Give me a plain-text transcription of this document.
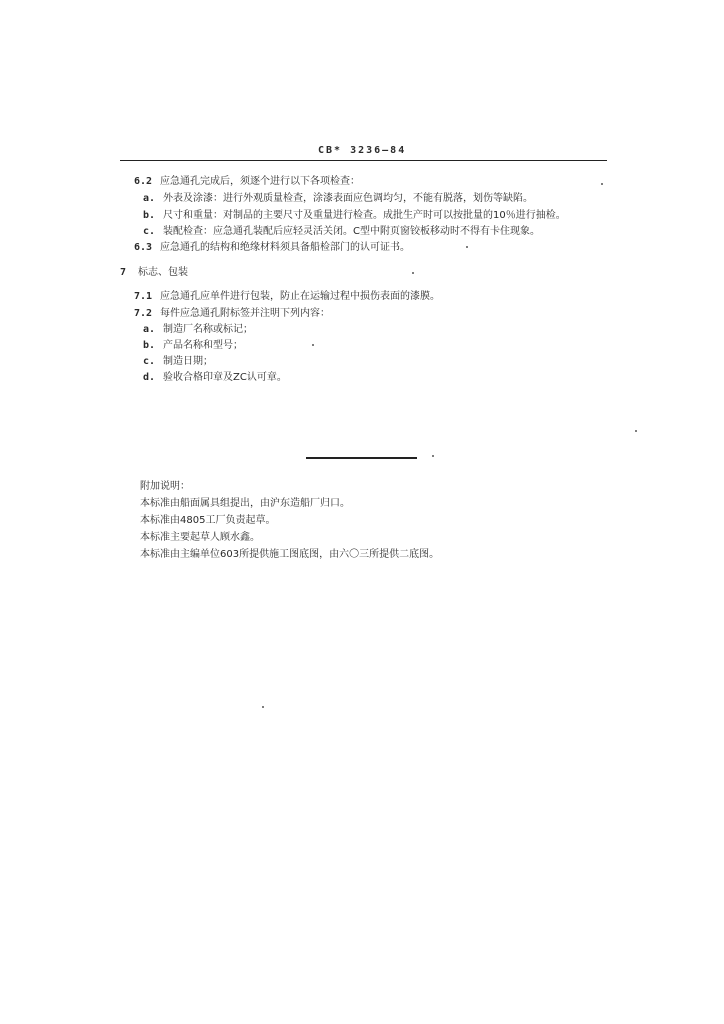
CB* 3236—84
6.2 应急通孔完成后，须逐个进行以下各项检查：
a. 外表及涂漆：进行外观质量检查，涂漆表面应色调均匀，不能有脱落，划伤等缺陷。
b. 尺寸和重量：对制品的主要尺寸及重量进行检查。成批生产时可以按批量的10％进行抽检。
c. 装配检查：应急通孔装配后应轻灵活关闭。C型中附页窗铰板移动时不得有卡住现象。
6.3 应急通孔的结构和绝缘材料须具备船检部门的认可证书。
7 标志、包装
7.1 应急通孔应单件进行包装，防止在运输过程中损伤表面的漆膜。
7.2 每件应急通孔附标签并注明下列内容：
a. 制造厂名称或标记；
b. 产品名称和型号；
c. 制造日期；
d. 验收合格印章及ZC认可章。
附加说明：
本标准由船面属具组提出，由沪东造船厂归口。
本标准由4805工厂负责起草。
本标准主要起草人顾水鑫。
本标准由主编单位603所提供施工图底图，由六〇三所提供二底图。
